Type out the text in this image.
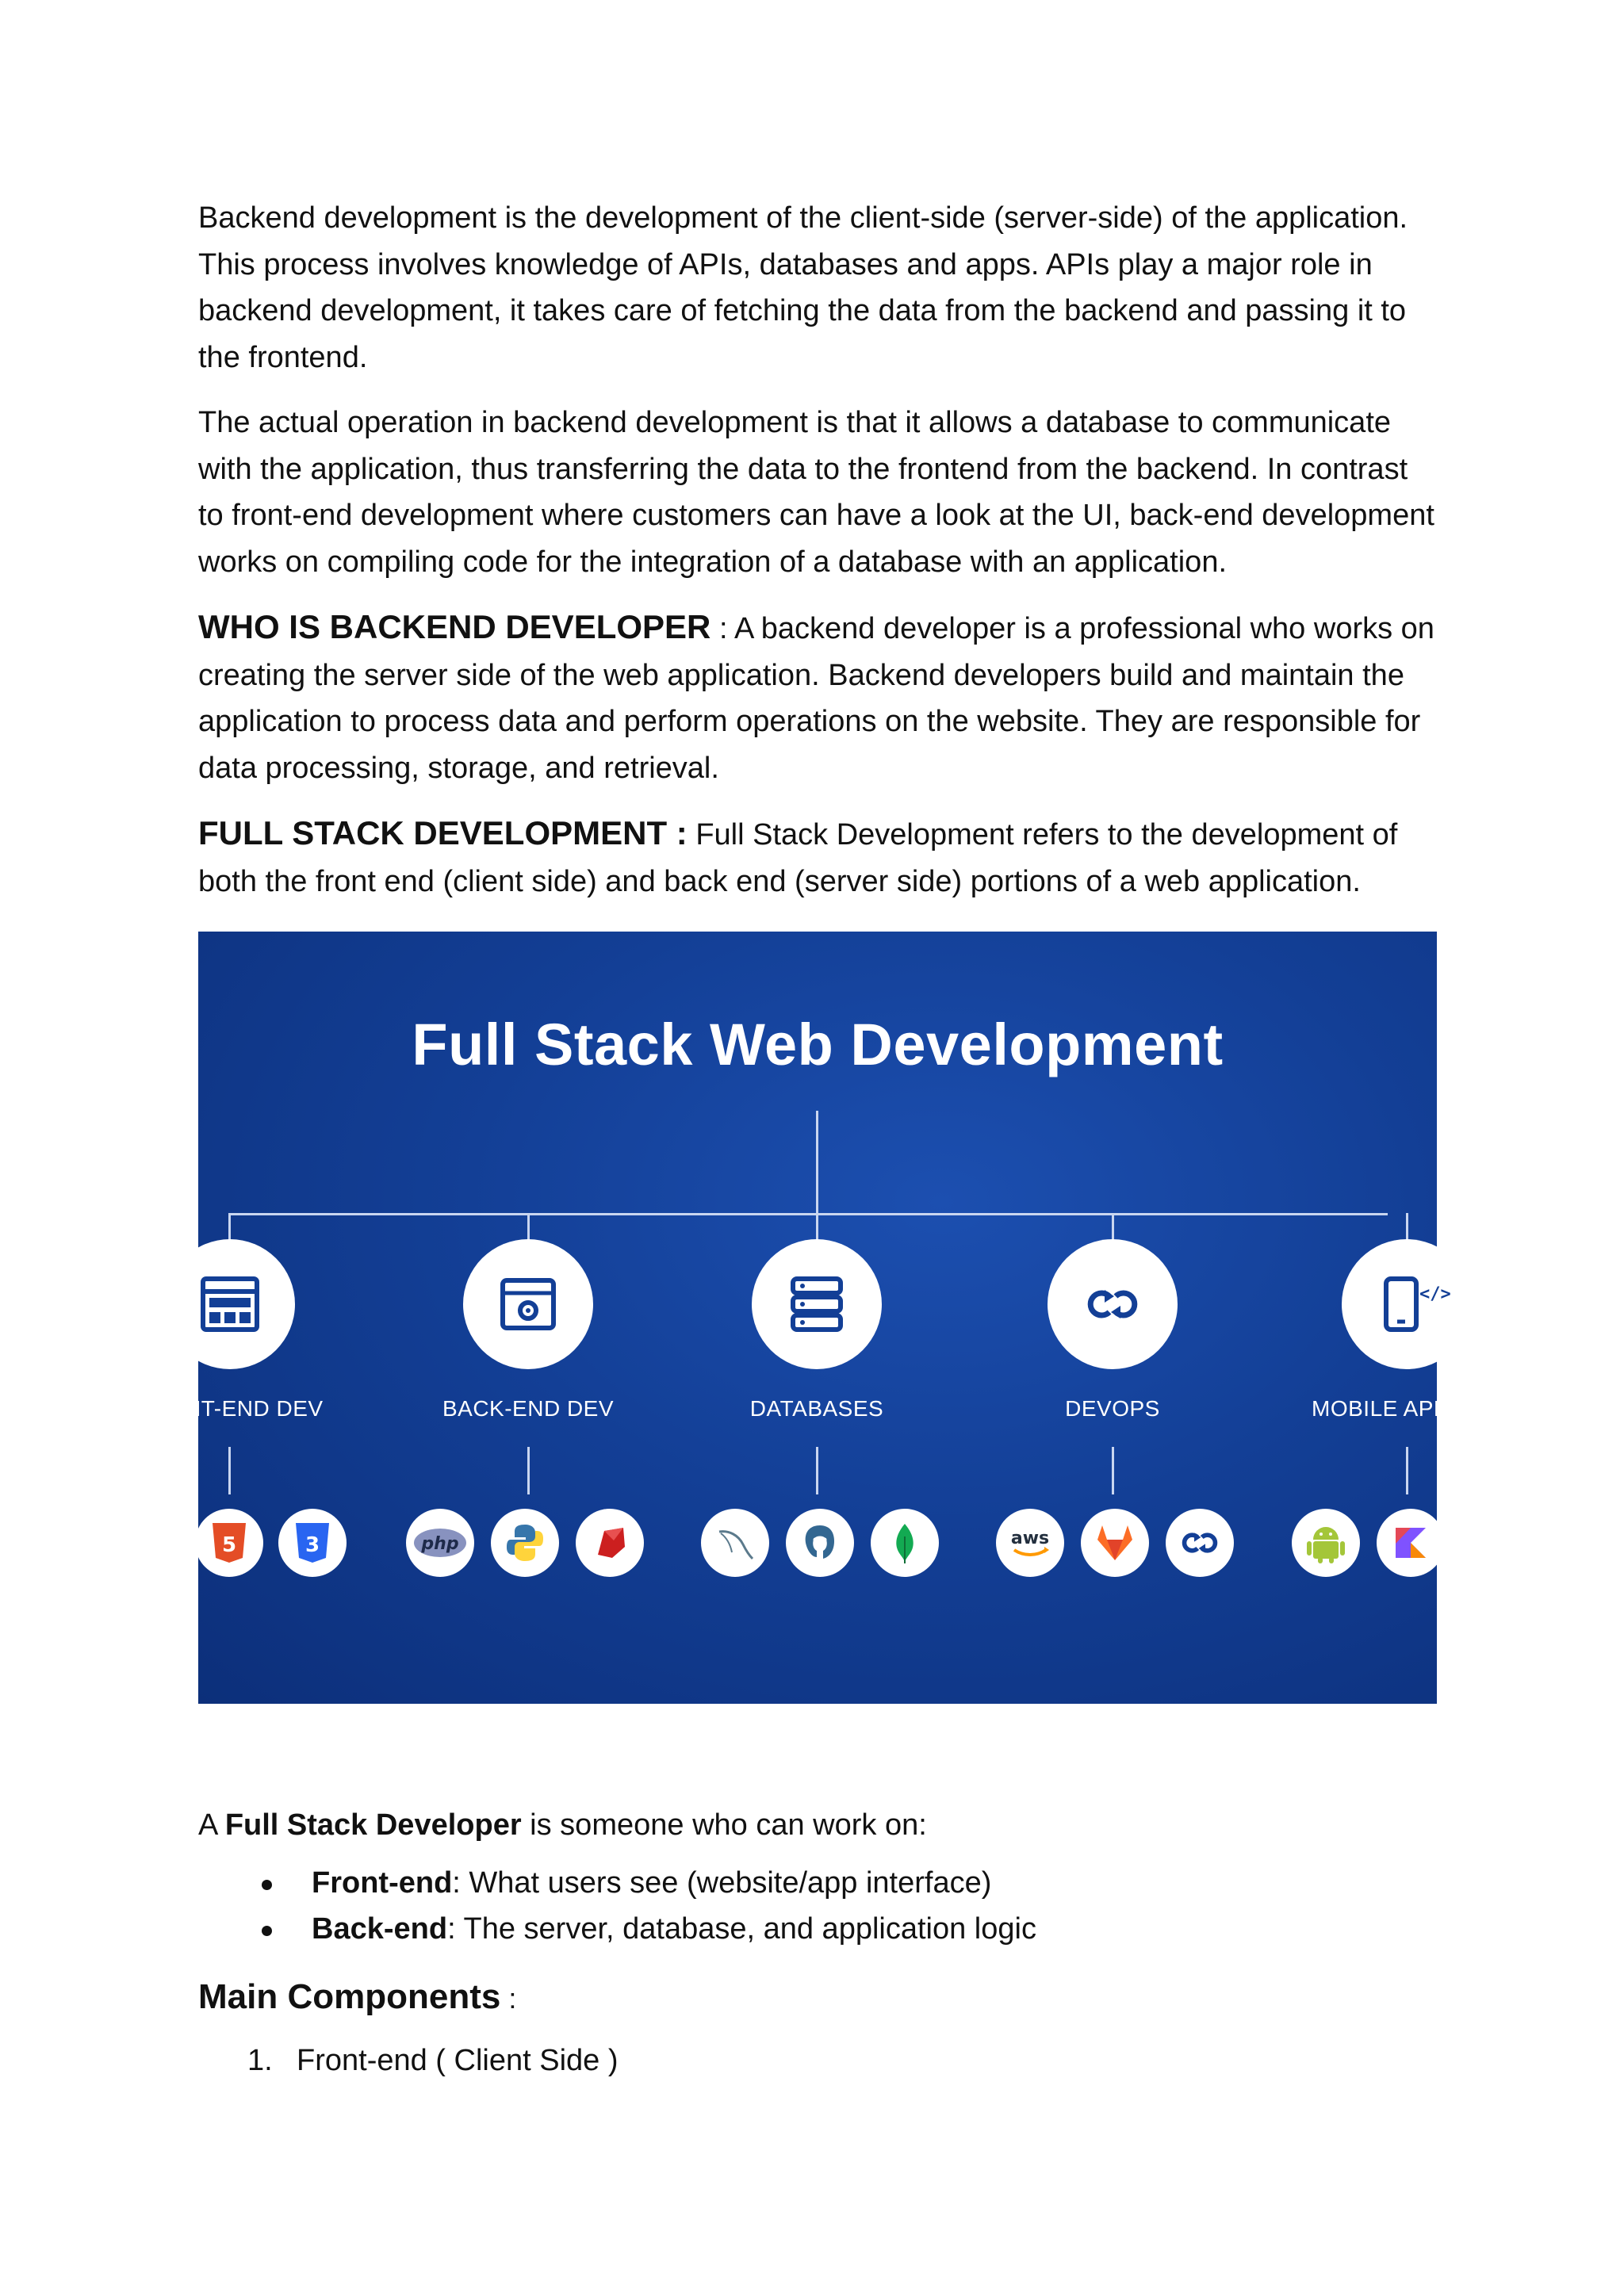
Backend development is the development of the client-side (server-side) of the application. This process involves knowledge of APIs, databases and apps. APIs play a major role in backend development, it takes care of fetching the data from the backend and passing it to the frontend.

The actual operation in backend development is that it allows a database to communicate with the application, thus transferring the data to the frontend from the backend. In contrast to front-end development where customers can have a look at the UI, back-end development works on compiling code for the integration of a database with an application.

WHO IS BACKEND DEVELOPER : A backend developer is a professional who works on creating the server side of the web application. Backend developers build and maintain the application to process data and perform operations on the website. They are responsible for data processing, storage, and retrieval.

FULL STACK DEVELOPMENT : Full Stack Development refers to the development of both the front end (client side) and back end (server side) portions of a web application.

Full Stack Web Development
FRONT-END DEV	BACK-END DEV	DATABASES	DEVOPS
</>
MOBILE APP DEV
5	3	php	aws

A Full Stack Developer is someone who can work on:

Front-end: What users see (website/app interface)
Back-end: The server, database, and application logic
Main Components :
1. Front-end ( Client Side )
